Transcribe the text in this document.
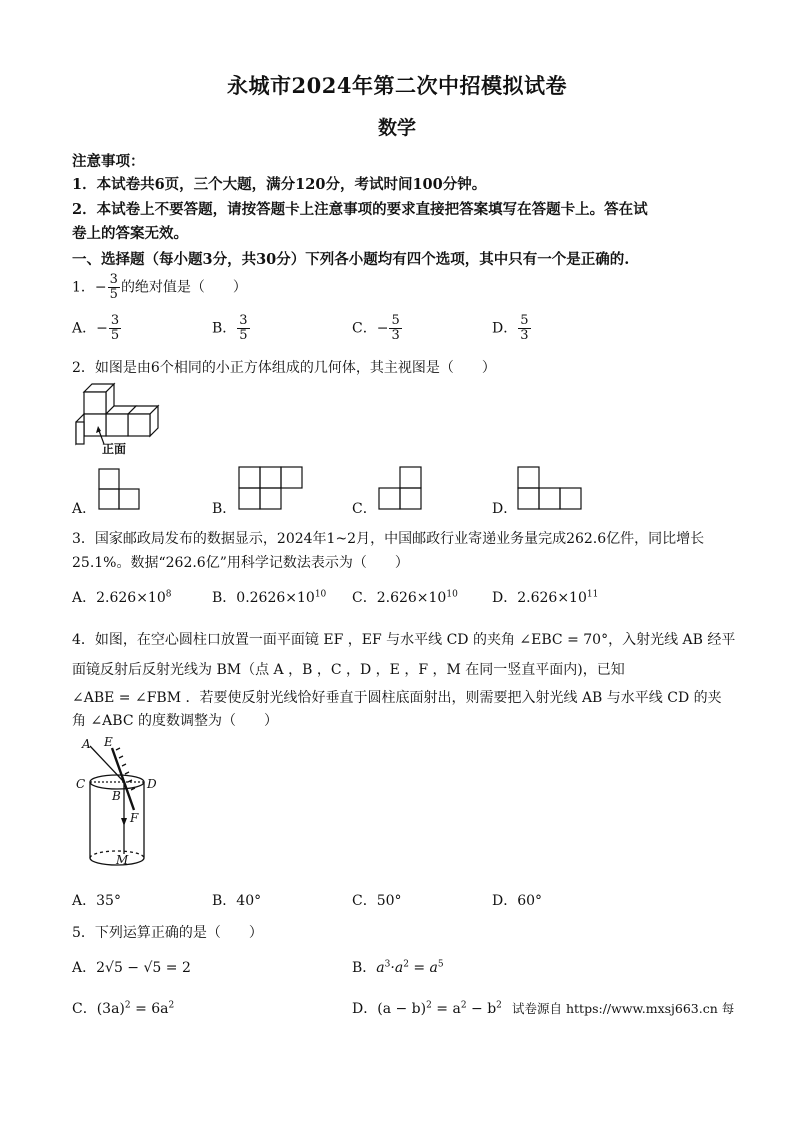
永城市2024年第二次中招模拟试卷
数学
注意事项：
1．本试卷共6页，三个大题，满分120分，考试时间100分钟。
2．本试卷上不要答题，请按答题卡上注意事项的要求直接把答案填写在答题卡上。答在试
卷上的答案无效。
一、选择题（每小题3分，共30分）下列各小题均有四个选项，其中只有一个是正确的.
1．− $\frac{3}{5}$ 的绝对值是（　　）
A．− $\frac{3}{5}$	B． $\frac{3}{5}$	C．− $\frac{5}{3}$	D． $\frac{5}{3}$
2．如图是由6个相同的小正方体组成的几何体，其主视图是（　　）
正面
A．	B．	C．	D．
3．国家邮政局发布的数据显示，2024年1~2月，中国邮政行业寄递业务量完成262.6亿件，同比增长
25.1%。数据“262.6亿”用科学记数法表示为（　　）
A．$2.626\times 10^8$	B．$0.2626\times 10^{10}$ C．$2.626\times 10^{10}$ D．$2.626\times 10^{11}$
4．如图，在空心圆柱口放置一面平面镜 EF ，EF 与水平线 CD 的夹角 ∠EBC = 70°，入射光线 AB 经平
面镜反射后反射光线为 BM（点 A ，B ，C ，D ，E ，F ，M 在同一竖直平面内)，已知
∠ABE = ∠FBM ．若要使反射光线恰好垂直于圆柱底面射出，则需要把入射光线 AB 与水平线 CD 的夹
角 ∠ABC 的度数调整为（　　）
A E
C
B
D
F
M
A．35°	B．40°	C．50°	D．60°
5．下列运算正确的是（　　）
A．2√5 − √5 = 2	B．$a^3\cdot a^2 = a^5$
C．$(3a)^2 = 6a^2$	D．$(a - b)^2 = a^2 - b^2$ 试卷源自 https://www.mxsj663.cn 每
